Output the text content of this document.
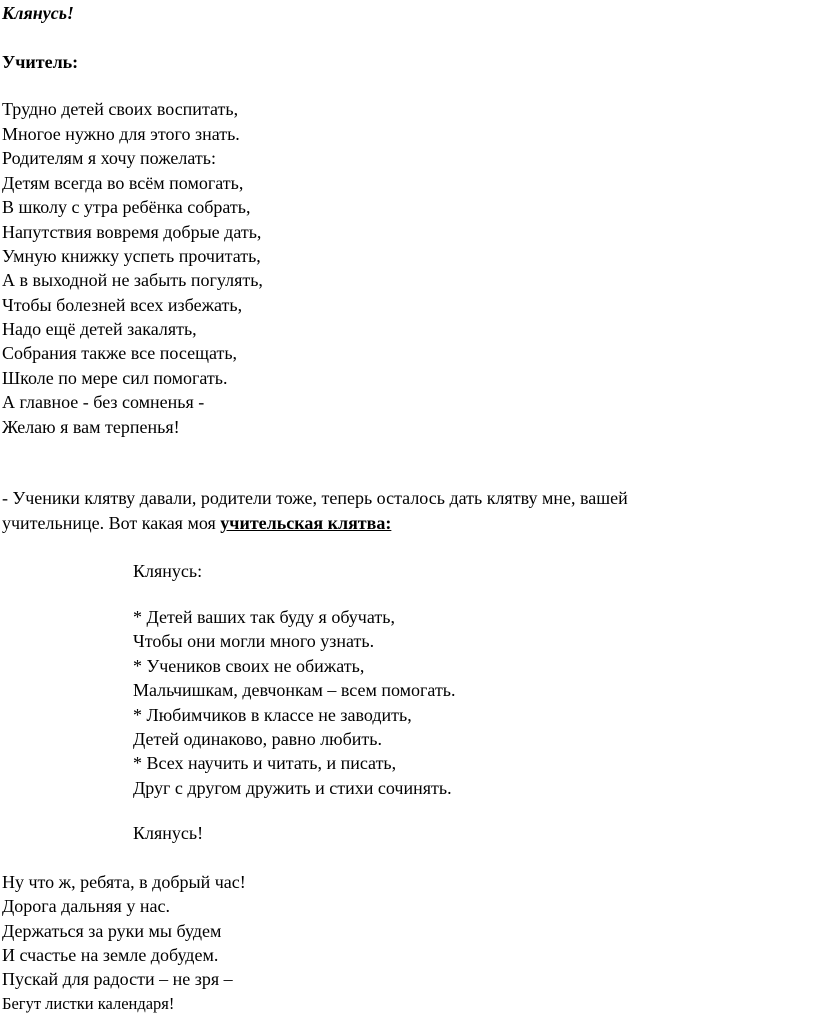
Клянусь!
Учитель:
Трудно детей своих воспитать,
Многое нужно для этого знать.
Родителям я хочу пожелать:
Детям всегда во всём помогать,
В школу с утра ребёнка собрать,
Напутствия вовремя добрые дать,
Умную книжку успеть прочитать,
А в выходной не забыть погулять,
Чтобы болезней всех избежать,
Надо ещё детей закалять,
Собрания также все посещать,
Школе по мере сил помогать.
А главное - без сомненья -
Желаю я вам терпенья!
- Ученики клятву давали, родители тоже, теперь осталось дать клятву мне, вашей
учительнице. Вот какая моя учительская клятва:
Клянусь:
* Детей ваших так буду я обучать,
Чтобы они могли много узнать.
* Учеников своих не обижать,
Мальчишкам, девчонкам – всем помогать.
* Любимчиков в классе не заводить,
Детей одинаково, равно любить.
* Всех научить и читать, и писать,
Друг с другом дружить и стихи сочинять.
Клянусь!
Ну что ж, ребята, в добрый час!
Дорога дальняя у нас.
Держаться за руки мы будем
И счастье на земле добудем.
Пускай для радости – не зря –
Бегут листки календаря!
